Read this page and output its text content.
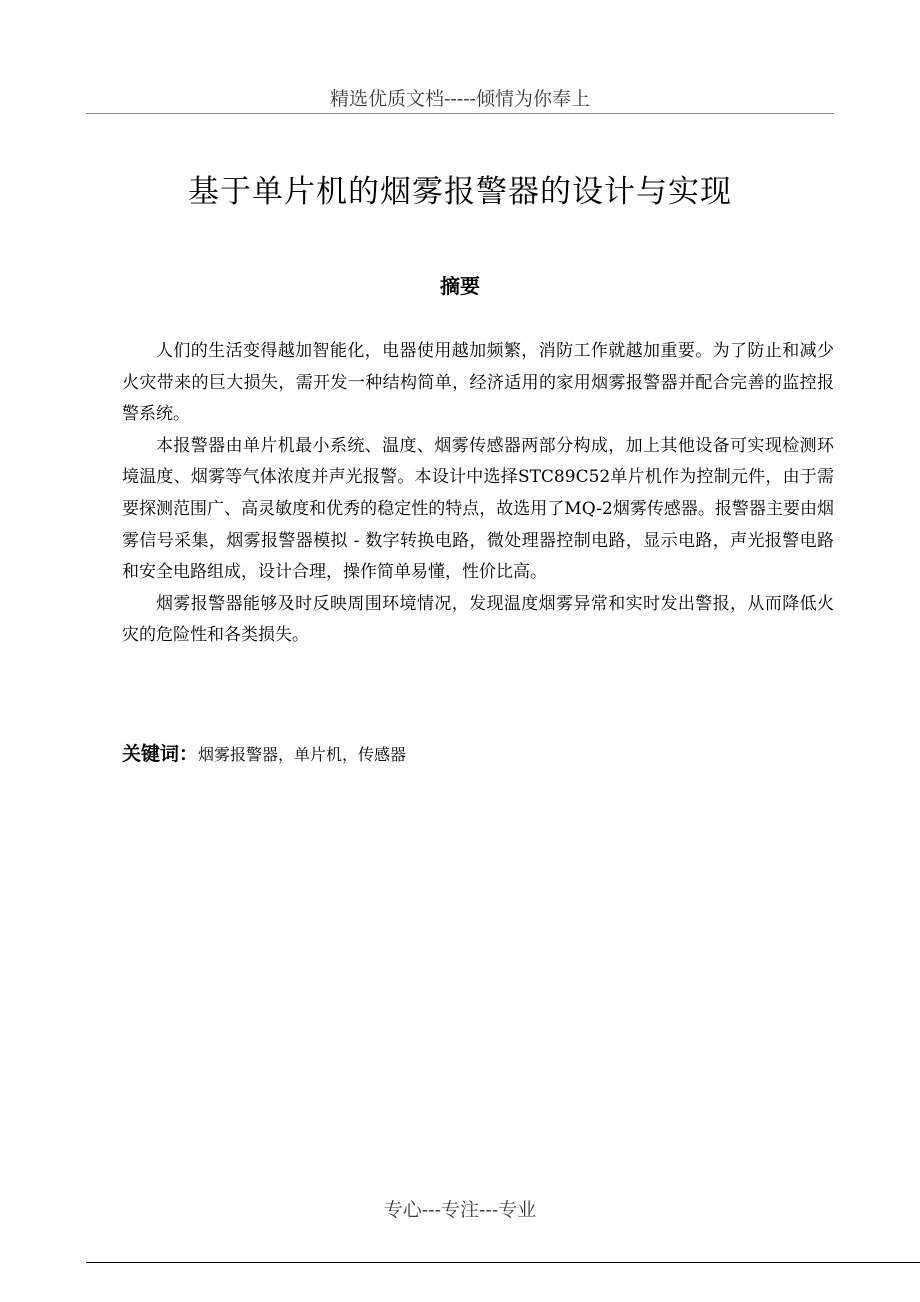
精选优质文档-----倾情为你奉上
基于单片机的烟雾报警器的设计与实现
摘要

人们的生活变得越加智能化，电器使用越加频繁，消防工作就越加重要。为了防止和减少火灾带来的巨大损失，需开发一种结构简单，经济适用的家用烟雾报警器并配合完善的监控报警系统。

本报警器由单片机最小系统、温度、烟雾传感器两部分构成，加上其他设备可实现检测环境温度、烟雾等气体浓度并声光报警。本设计中选择STC89C52单片机作为控制元件，由于需要探测范围广、高灵敏度和优秀的稳定性的特点，故选用了MQ-2烟雾传感器。报警器主要由烟雾信号采集，烟雾报警器模拟 - 数字转换电路，微处理器控制电路，显示电路，声光报警电路和安全电路组成，设计合理，操作简单易懂，性价比高。

烟雾报警器能够及时反映周围环境情况，发现温度烟雾异常和实时发出警报，从而降低火灾的危险性和各类损失。

关键词：烟雾报警器，单片机，传感器
专心---专注---专业
